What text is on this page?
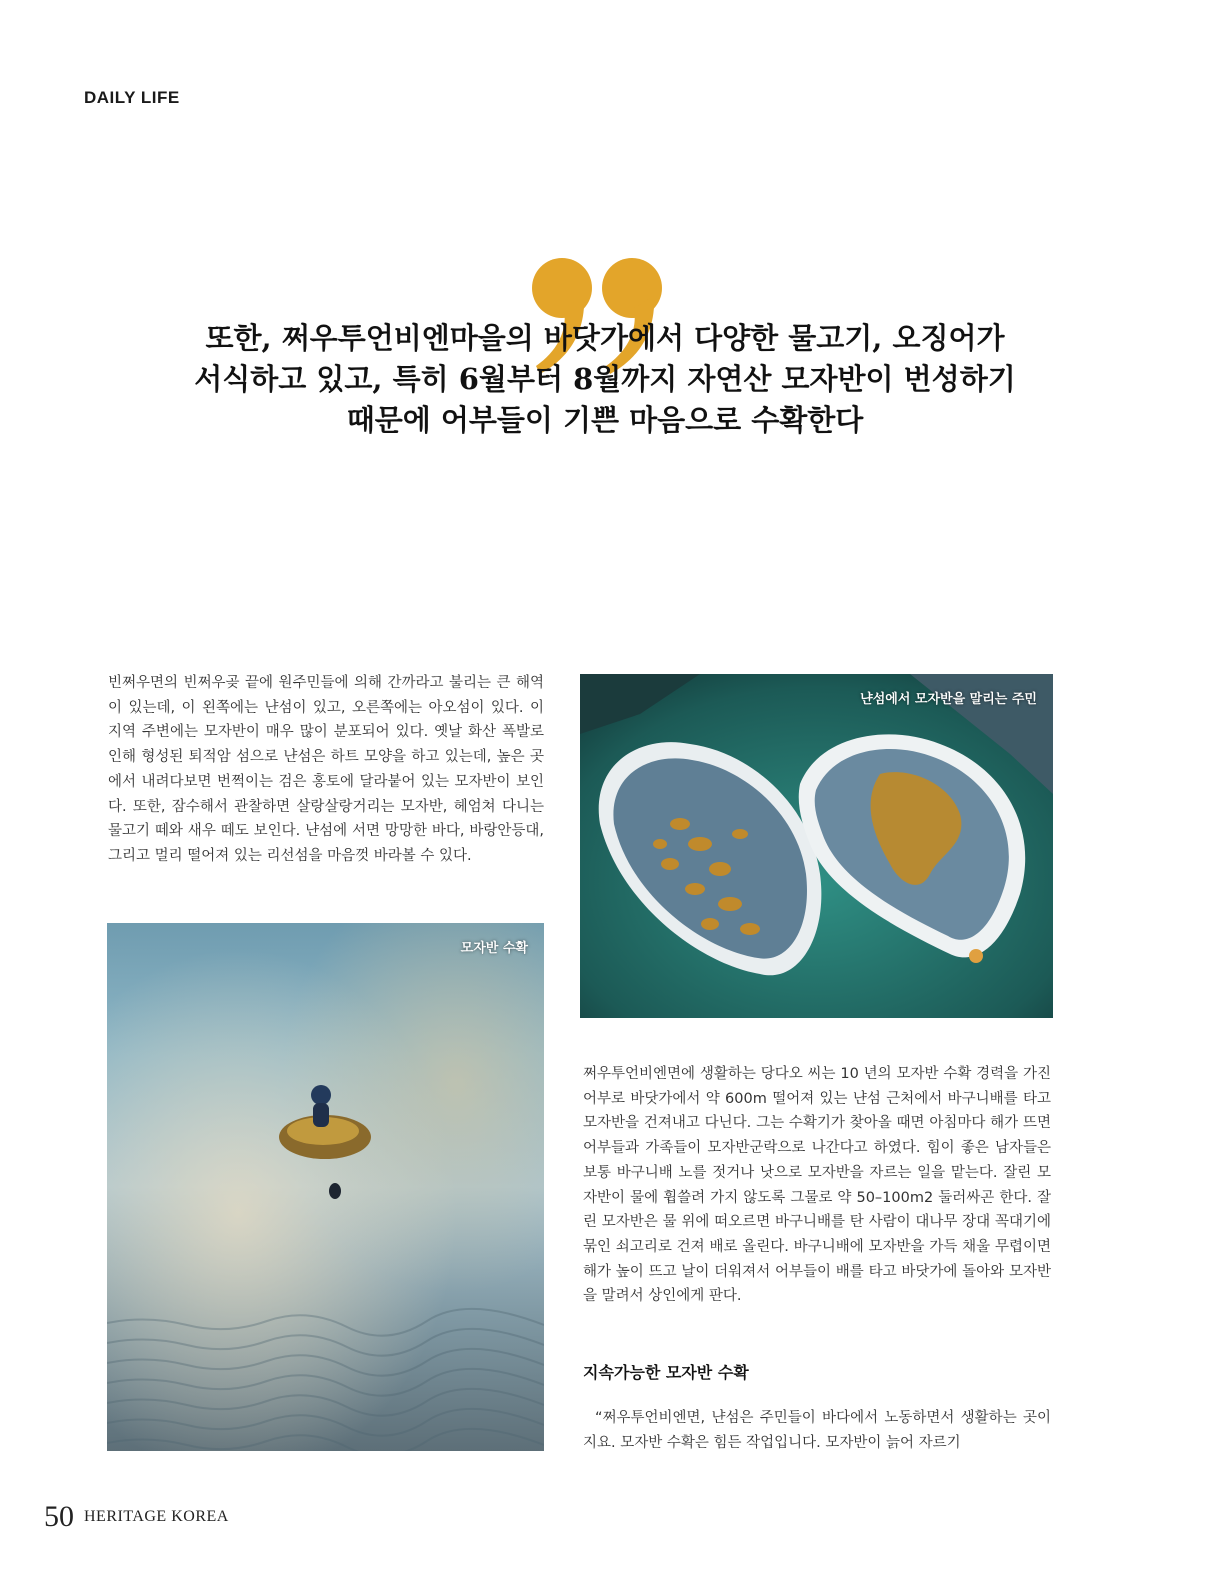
DAILY LIFE
또한, 쩌우투언비엔마을의 바닷가에서 다양한 물고기, 오징어가
서식하고 있고, 특히 6월부터 8월까지 자연산 모자반이 번성하기
때문에 어부들이 기쁜 마음으로 수확한다

빈쩌우면의 빈쩌우곶 끝에 원주민들에 의해 간까라고 불리는 큰 해역이 있는데, 이 왼쪽에는 냔섬이 있고, 오른쪽에는 아오섬이 있다. 이 지역 주변에는 모자반이 매우 많이 분포되어 있다. 옛날 화산 폭발로 인해 형성된 퇴적암 섬으로 냔섬은 하트 모양을 하고 있는데, 높은 곳에서 내려다보면 번쩍이는 검은 홍토에 달라붙어 있는 모자반이 보인다. 또한, 잠수해서 관찰하면 살랑살랑거리는 모자반, 헤엄쳐 다니는 물고기 떼와 새우 떼도 보인다. 냔섬에 서면 망망한 바다, 바랑안등대, 그리고 멀리 떨어져 있는 리선섬을 마음껏 바라볼 수 있다.

모자반 수확
냔섬에서 모자반을 말리는 주민

쩌우투언비엔면에 생활하는 당다오 씨는 10 년의 모자반 수확 경력을 가진 어부로 바닷가에서 약 600m 떨어져 있는 냔섬 근처에서 바구니배를 타고 모자반을 건져내고 다닌다. 그는 수확기가 찾아올 때면 아침마다 해가 뜨면 어부들과 가족들이 모자반군락으로 나간다고 하였다. 힘이 좋은 남자들은 보통 바구니배 노를 젓거나 낫으로 모자반을 자르는 일을 맡는다. 잘린 모자반이 물에 휩쓸려 가지 않도록 그물로 약 50–100m2 둘러싸곤 한다. 잘린 모자반은 물 위에 떠오르면 바구니배를 탄 사람이 대나무 장대 꼭대기에 묶인 쇠고리로 건져 배로 올린다. 바구니배에 모자반을 가득 채울 무렵이면 해가 높이 뜨고 날이 더워져서 어부들이 배를 타고 바닷가에 돌아와 모자반을 말려서 상인에게 판다.

지속가능한 모자반 수확

“쩌우투언비엔면, 냔섬은 주민들이 바다에서 노동하면서 생활하는 곳이지요. 모자반 수확은 힘든 작업입니다. 모자반이 늙어 자르기

50 HERITAGE KOREA
